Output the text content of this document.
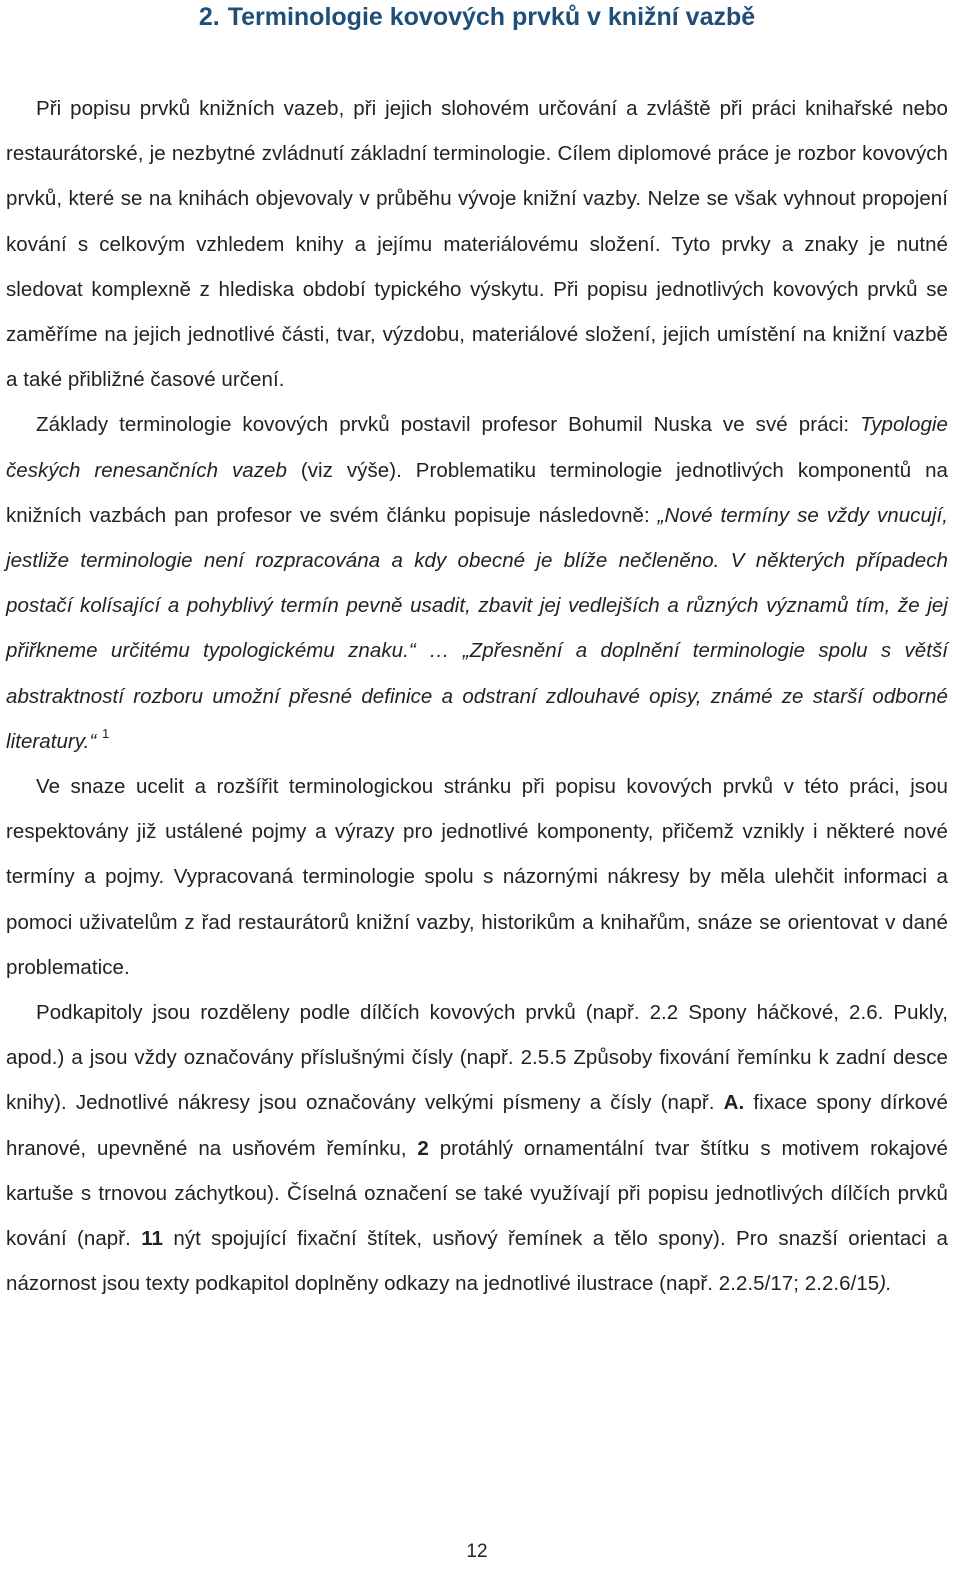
2. Terminologie kovových prvků v knižní vazbě

Při popisu prvků knižních vazeb, při jejich slohovém určování a zvláště při práci knihařské nebo restaurátorské, je nezbytné zvládnutí základní terminologie. Cílem diplomové práce je rozbor kovových prvků, které se na knihách objevovaly v průběhu vývoje knižní vazby. Nelze se však vyhnout propojení kování s celkovým vzhledem knihy a jejímu materiálovému složení. Tyto prvky a znaky je nutné sledovat komplexně z hlediska období typického výskytu. Při popisu jednotlivých kovových prvků se zaměříme na jejich jednotlivé části, tvar, výzdobu, materiálové složení, jejich umístění na knižní vazbě a také přibližné časové určení.

Základy terminologie kovových prvků postavil profesor Bohumil Nuska ve své práci: Typologie českých renesančních vazeb (viz výše). Problematiku terminologie jednotlivých komponentů na knižních vazbách pan profesor ve svém článku popisuje následovně: „Nové termíny se vždy vnucují, jestliže terminologie není rozpracována a kdy obecné je blíže nečleněno. V některých případech postačí kolísající a pohyblivý termín pevně usadit, zbavit jej vedlejších a různých významů tím, že jej přiřkneme určitému typologickému znaku.“ … „Zpřesnění a doplnění terminologie spolu s větší abstraktností rozboru umožní přesné definice a odstraní zdlouhavé opisy, známé ze starší odborné literatury.“ $^1$

Ve snaze ucelit a rozšířit terminologickou stránku při popisu kovových prvků v této práci, jsou respektovány již ustálené pojmy a výrazy pro jednotlivé komponenty, přičemž vznikly i některé nové termíny a pojmy. Vypracovaná terminologie spolu s názornými nákresy by měla ulehčit informaci a pomoci uživatelům z řad restaurátorů knižní vazby, historikům a knihařům, snáze se orientovat v dané problematice.

Podkapitoly jsou rozděleny podle dílčích kovových prvků (např. 2.2 Spony háčkové, 2.6. Pukly, apod.) a jsou vždy označovány příslušnými čísly (např. 2.5.5 Způsoby fixování řemínku k zadní desce knihy). Jednotlivé nákresy jsou označovány velkými písmeny a čísly (např. A. fixace spony dírkové hranové, upevněné na usňovém řemínku, 2 protáhlý ornamentální tvar štítku s motivem rokajové kartuše s trnovou záchytkou). Číselná označení se také využívají při popisu jednotlivých dílčích prvků kování (např. 11 nýt spojující fixační štítek, usňový řemínek a tělo spony). Pro snazší orientaci a názornost jsou texty podkapitol doplněny odkazy na jednotlivé ilustrace (např. 2.2.5/17; 2.2.6/15).

12
